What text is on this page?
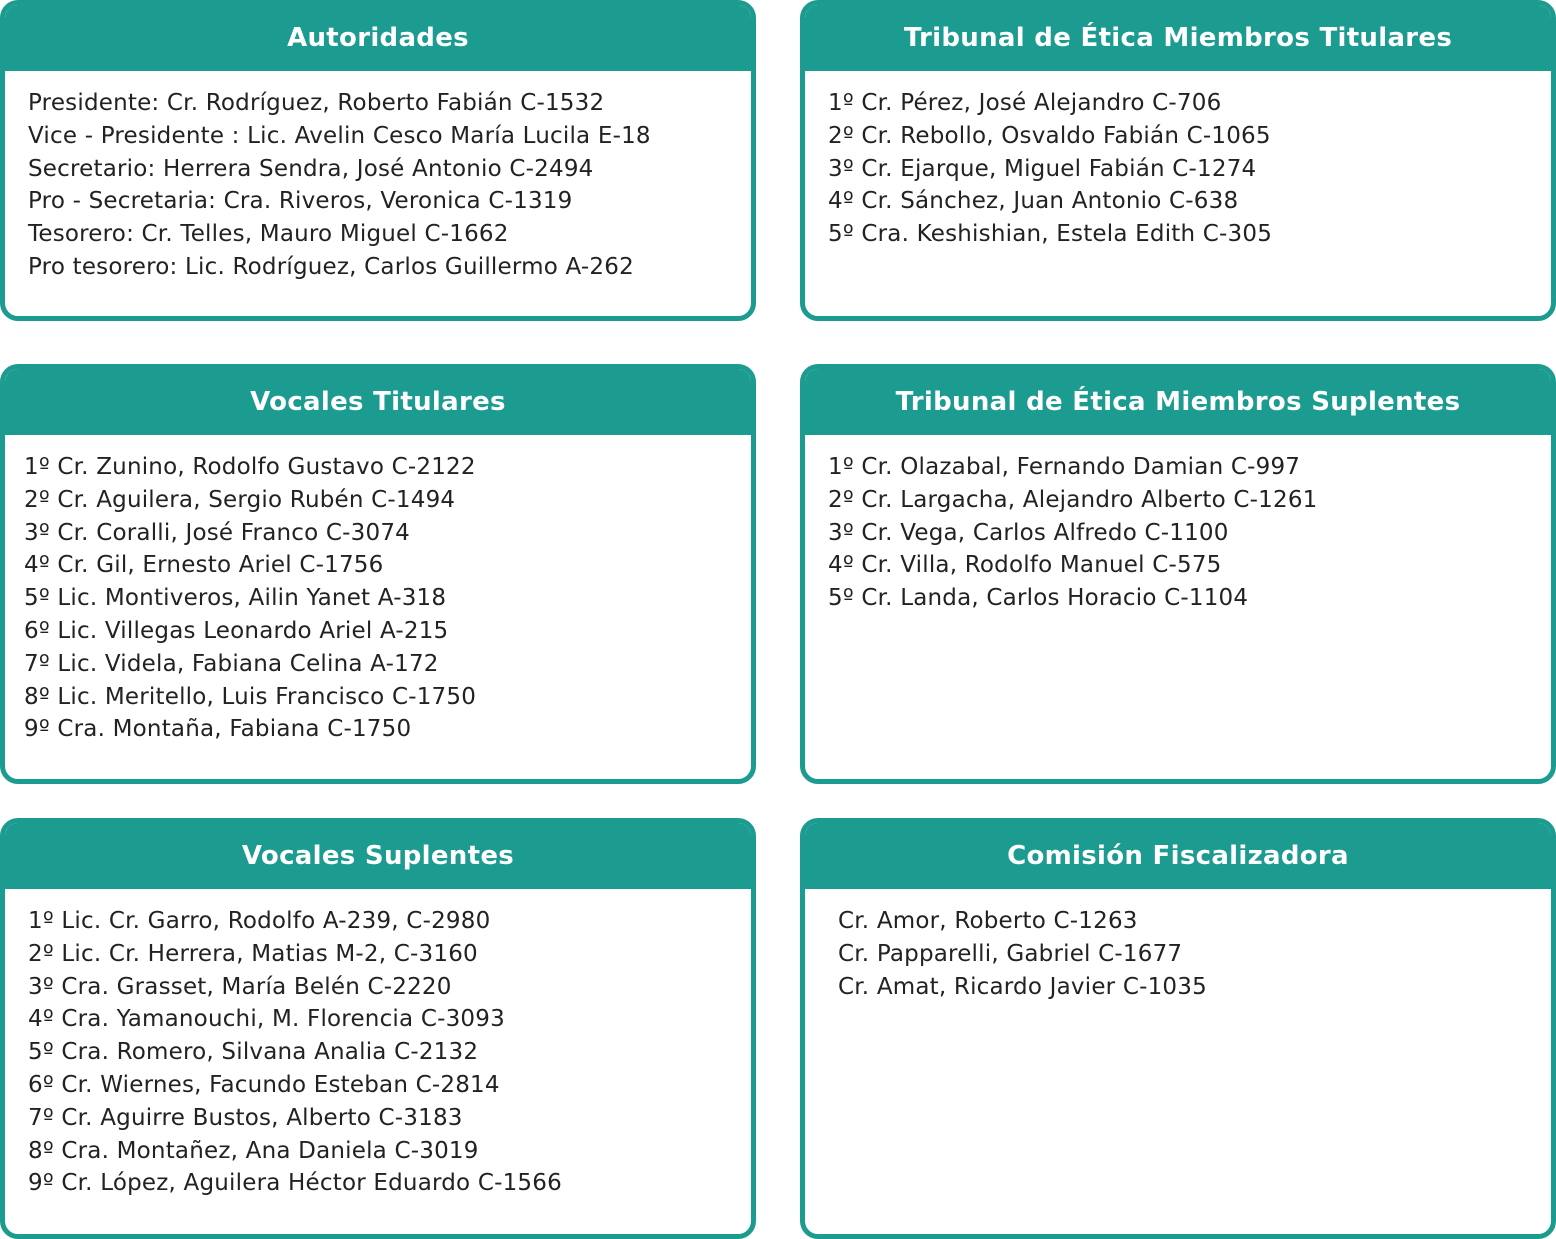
Autoridades
Presidente: Cr. Rodríguez, Roberto Fabián C-1532
Vice - Presidente : Lic. Avelin Cesco María Lucila E-18
Secretario: Herrera Sendra, José Antonio C-2494
Pro - Secretaria: Cra. Riveros, Veronica C-1319
Tesorero: Cr. Telles, Mauro Miguel C-1662
Pro tesorero: Lic. Rodríguez, Carlos Guillermo A-262
Tribunal de Ética Miembros Titulares
1º Cr. Pérez, José Alejandro C-706
2º Cr. Rebollo, Osvaldo Fabián C-1065
3º Cr. Ejarque, Miguel Fabián C-1274
4º Cr. Sánchez, Juan Antonio C-638
5º Cra. Keshishian, Estela Edith C-305
Vocales Titulares
1º Cr. Zunino, Rodolfo Gustavo C-2122
2º Cr. Aguilera, Sergio Rubén C-1494
3º Cr. Coralli, José Franco C-3074
4º Cr. Gil, Ernesto Ariel C-1756
5º Lic. Montiveros, Ailin Yanet A-318
6º Lic. Villegas Leonardo Ariel A-215
7º Lic. Videla, Fabiana Celina A-172
8º Lic. Meritello, Luis Francisco C-1750
9º Cra. Montaña, Fabiana C-1750
Tribunal de Ética Miembros Suplentes
1º Cr. Olazabal, Fernando Damian C-997
2º Cr. Largacha, Alejandro Alberto C-1261
3º Cr. Vega, Carlos Alfredo C-1100
4º Cr. Villa, Rodolfo Manuel C-575
5º Cr. Landa, Carlos Horacio C-1104
Vocales Suplentes
1º Lic. Cr. Garro, Rodolfo A-239, C-2980
2º Lic. Cr. Herrera, Matias M-2, C-3160
3º Cra. Grasset, María Belén C-2220
4º Cra. Yamanouchi, M. Florencia C-3093
5º Cra. Romero, Silvana Analia C-2132
6º Cr. Wiernes, Facundo Esteban C-2814
7º Cr. Aguirre Bustos, Alberto C-3183
8º Cra. Montañez, Ana Daniela C-3019
9º Cr. López, Aguilera Héctor Eduardo C-1566
Comisión Fiscalizadora
Cr. Amor, Roberto C-1263
Cr. Papparelli, Gabriel C-1677
Cr. Amat, Ricardo Javier C-1035
